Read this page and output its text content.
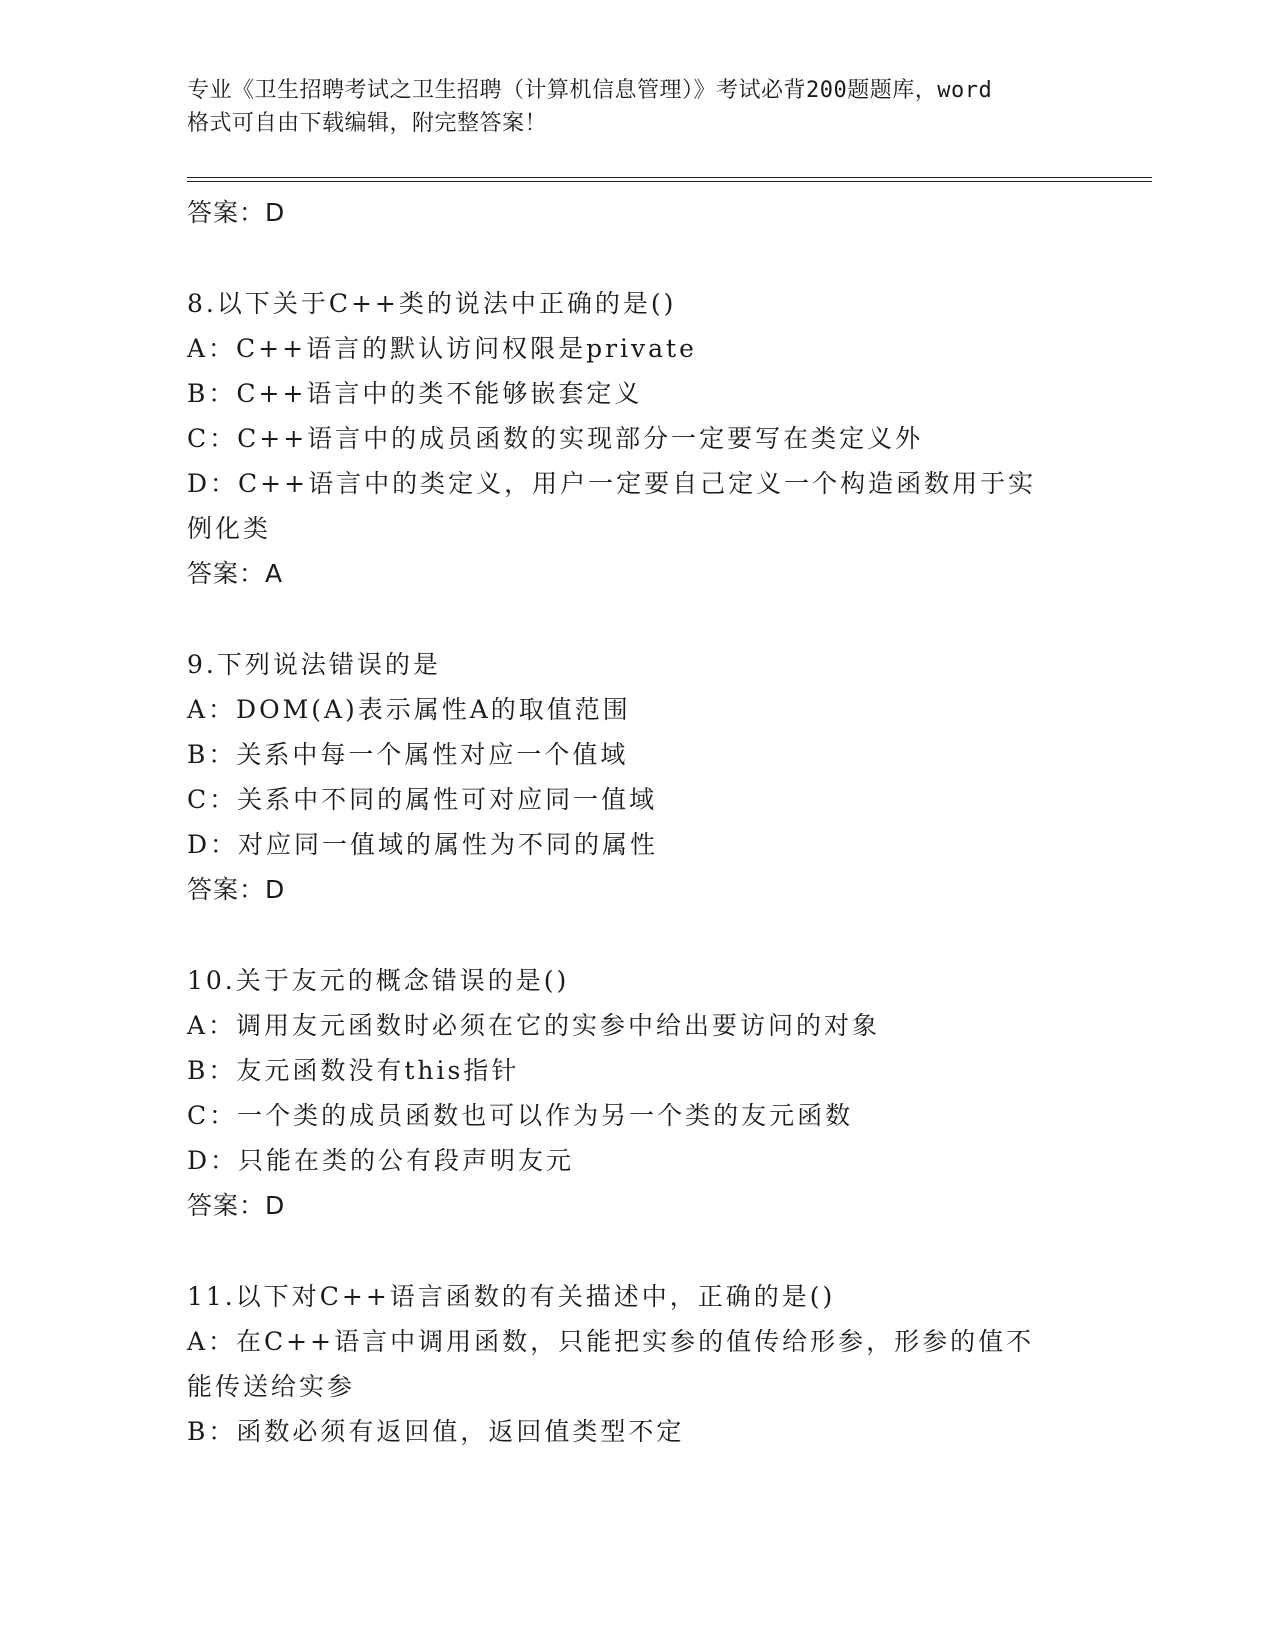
专业《卫生招聘考试之卫生招聘（计算机信息管理）》考试必背200题题库，word
格式可自由下载编辑，附完整答案！
答案：D
8.以下关于C++类的说法中正确的是()
A：C++语言的默认访问权限是private
B：C++语言中的类不能够嵌套定义
C：C++语言中的成员函数的实现部分一定要写在类定义外
D：C++语言中的类定义，用户一定要自己定义一个构造函数用于实例化类
答案：A
9.下列说法错误的是
A：DOM(A)表示属性A的取值范围
B：关系中每一个属性对应一个值域
C：关系中不同的属性可对应同一值域
D：对应同一值域的属性为不同的属性
答案：D
10.关于友元的概念错误的是()
A：调用友元函数时必须在它的实参中给出要访问的对象
B：友元函数没有this指针
C：一个类的成员函数也可以作为另一个类的友元函数
D：只能在类的公有段声明友元
答案：D
11.以下对C++语言函数的有关描述中，正确的是()
A：在C++语言中调用函数，只能把实参的值传给形参，形参的值不能传送给实参
B：函数必须有返回值，返回值类型不定
